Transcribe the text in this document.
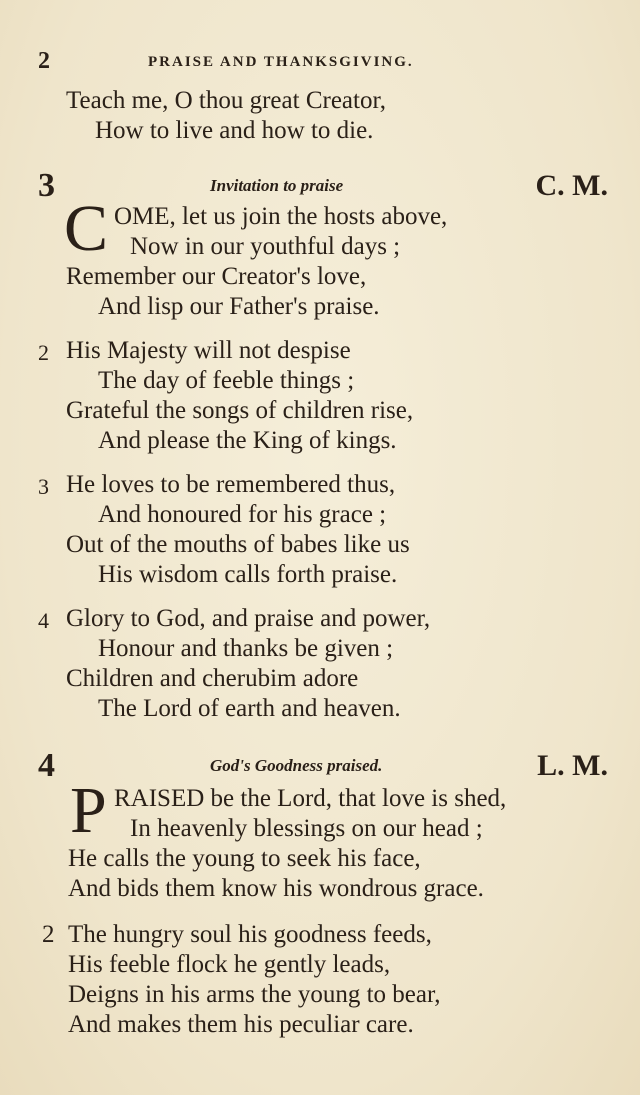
2	PRAISE AND THANKSGIVING.
Teach me, O thou great Creator,
How to live and how to die.
3	Invitation to praise	C. M.
C OME, let us join the hosts above,
Now in our youthful days ;
Remember our Creator's love,
And lisp our Father's praise.
2 His Majesty will not despise
The day of feeble things ;
Grateful the songs of children rise,
And please the King of kings.
3 He loves to be remembered thus,
And honoured for his grace ;
Out of the mouths of babes like us
His wisdom calls forth praise.
4 Glory to God, and praise and power,
Honour and thanks be given ;
Children and cherubim adore
The Lord of earth and heaven.
4	God's Goodness praised.	L. M.
P RAISED be the Lord, that love is shed,
In heavenly blessings on our head ;
He calls the young to seek his face,
And bids them know his wondrous grace.
2 The hungry soul his goodness feeds,
His feeble flock he gently leads,
Deigns in his arms the young to bear,
And makes them his peculiar care.
